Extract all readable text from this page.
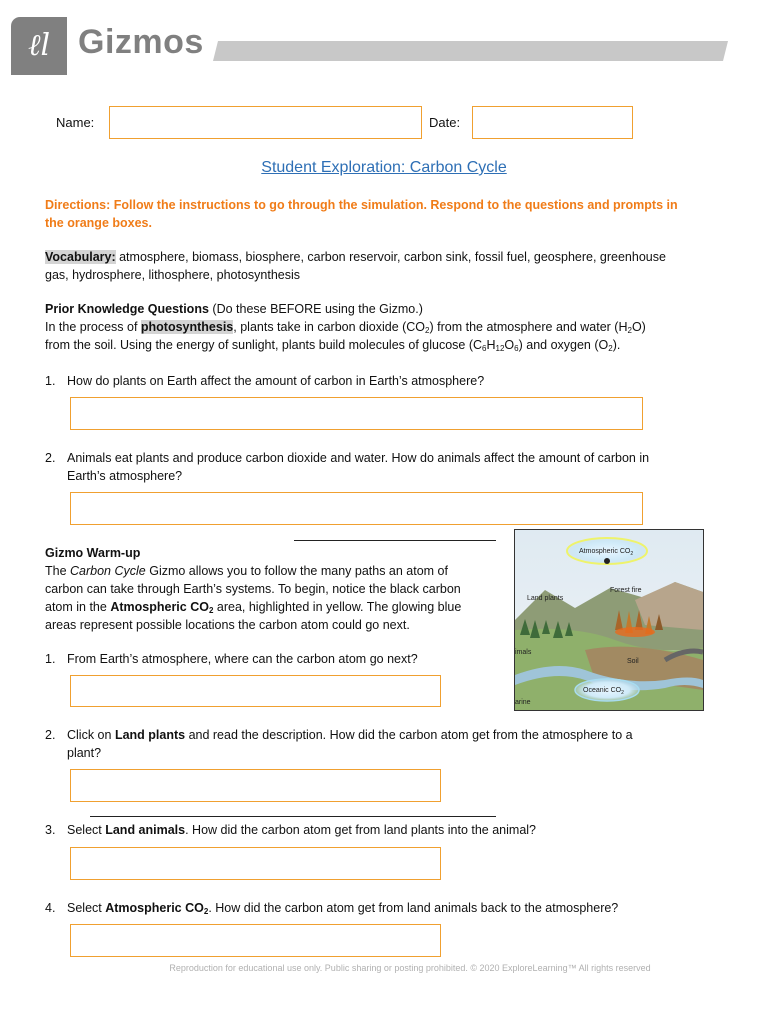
ℓl Gizmos
Name:	Date:
Student Exploration: Carbon Cycle
Directions: Follow the instructions to go through the simulation. Respond to the questions and prompts in the orange boxes.
Vocabulary: atmosphere, biomass, biosphere, carbon reservoir, carbon sink, fossil fuel, geosphere, greenhouse gas, hydrosphere, lithosphere, photosynthesis
Prior Knowledge Questions (Do these BEFORE using the Gizmo.)
In the process of photosynthesis, plants take in carbon dioxide $(CO_2)$ from the atmosphere and water $(H_2O)$
from the soil. Using the energy of sunlight, plants build molecules of glucose $(C_6H_{12}O_6)$ and oxygen $(O_2)$.
1. How do plants on Earth affect the amount of carbon in Earth’s atmosphere?
2. Animals eat plants and produce carbon dioxide and water. How do animals affect the amount of carbon in
Earth’s atmosphere?
Gizmo Warm-up
The Carbon Cycle Gizmo allows you to follow the many paths an atom of
carbon can take through Earth’s systems. To begin, notice the black carbon
atom in the Atmospheric $CO_2$ area, highlighted in yellow. The glowing blue
areas represent possible locations the carbon atom could go next.
1. From Earth’s atmosphere, where can the carbon atom go next?
Atmospheric $CO_2$
Forest fire
Land plants
imals
Soil
Oceanic $CO_2$
arine
2. Click on Land plants and read the description. How did the carbon atom get from the atmosphere to a
plant?
3. Select Land animals. How did the carbon atom get from land plants into the animal?
4. Select Atmospheric $CO_2$. How did the carbon atom get from land animals back to the atmosphere?
Reproduction for educational use only. Public sharing or posting prohibited. © 2020 ExploreLearning™ All rights reserved
